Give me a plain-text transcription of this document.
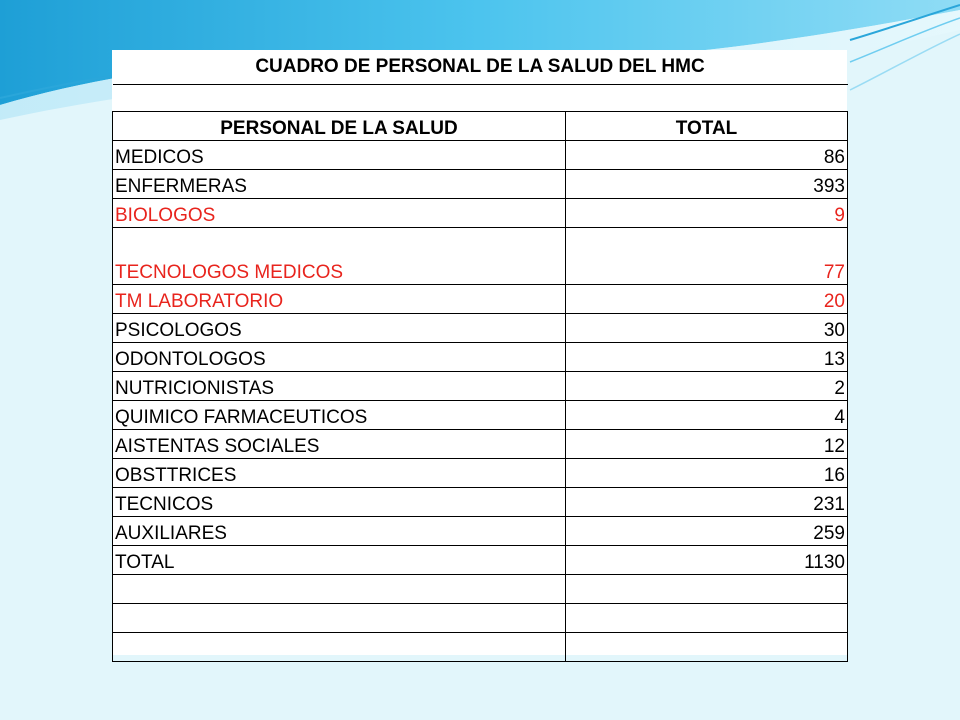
CUADRO DE PERSONAL DE LA SALUD DEL HMC	

PERSONAL DE LA SALUD	TOTAL
MEDICOS	86
ENFERMERAS	393
BIOLOGOS	9
TECNOLOGOS MEDICOS	77
TM LABORATORIO	20
PSICOLOGOS	30
ODONTOLOGOS	13
NUTRICIONISTAS	2
QUIMICO FARMACEUTICOS	4
AISTENTAS SOCIALES	12
OBSTTRICES	16
TECNICOS	231
AUXILIARES	259
TOTAL	1130
